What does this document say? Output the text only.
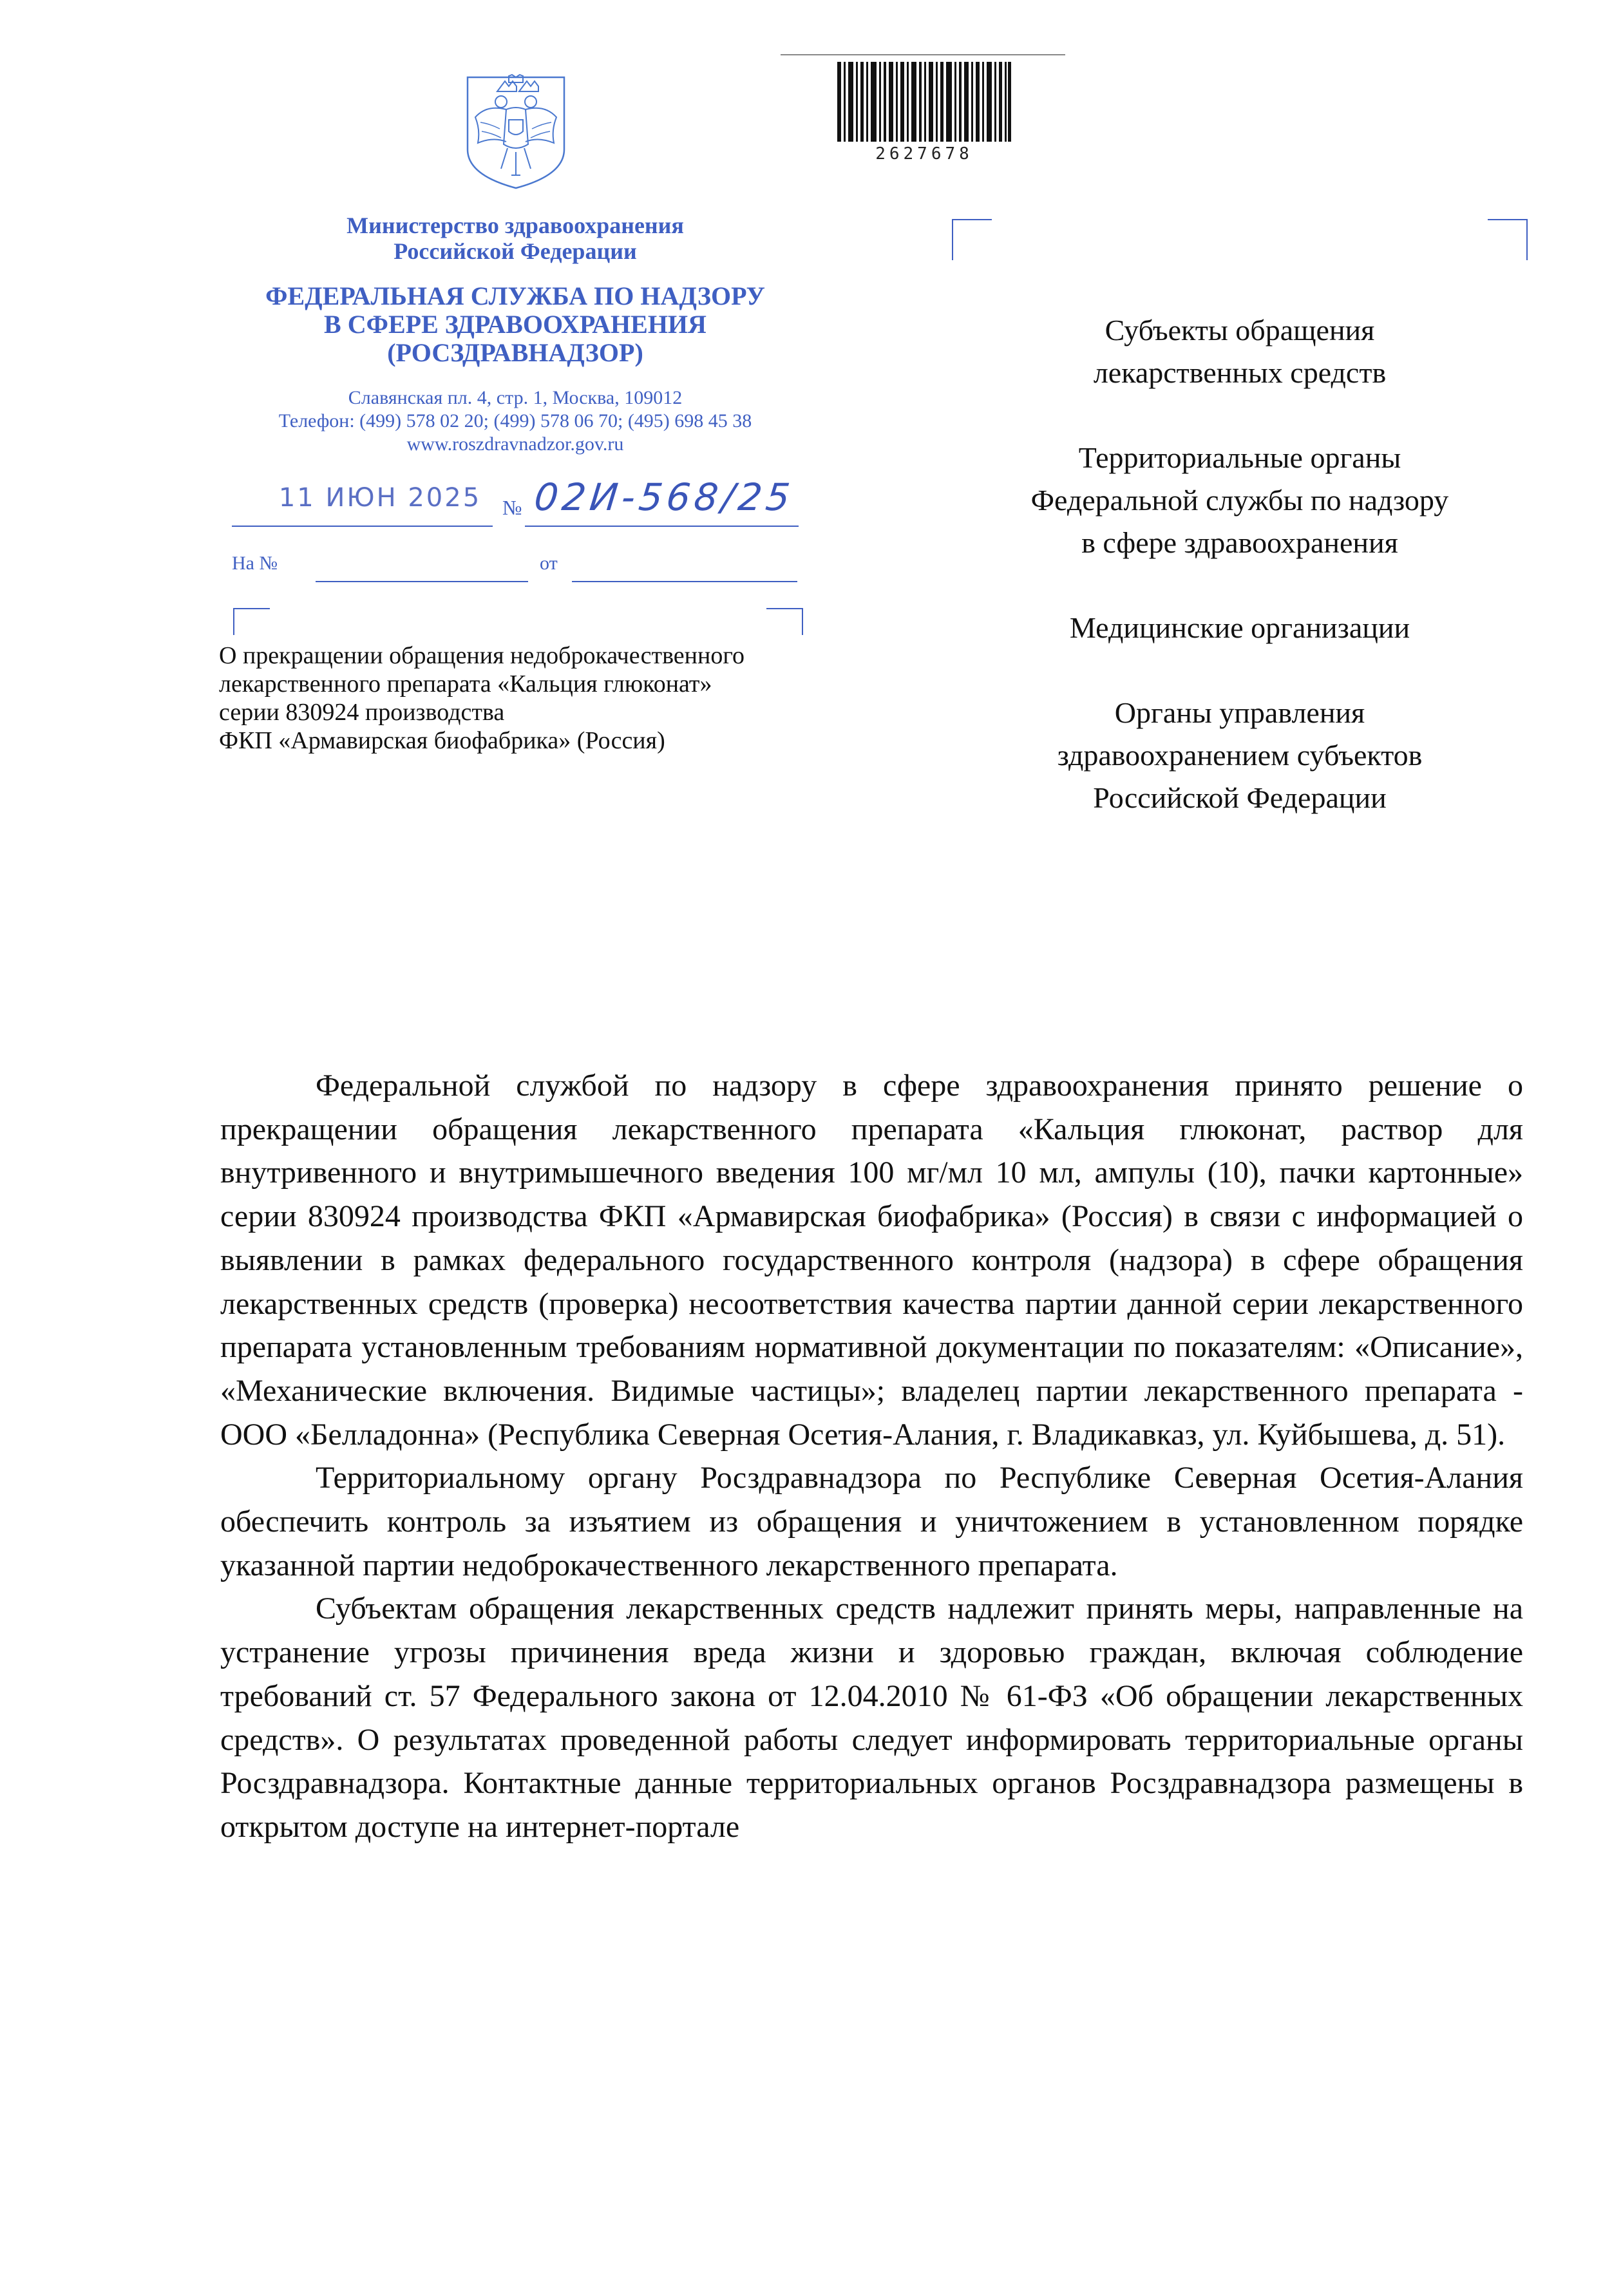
2627678
Министерство здравоохранения
Российской Федерации
ФЕДЕРАЛЬНАЯ СЛУЖБА ПО НАДЗОРУ
В СФЕРЕ ЗДРАВООХРАНЕНИЯ
(РОСЗДРАВНАДЗОР)
Славянская пл. 4, стр. 1, Москва, 109012
Телефон: (499) 578 02 20; (499) 578 06 70; (495) 698 45 38
www.roszdravnadzor.gov.ru
11 ИЮН 2025 № 02И-568/25
На №	от
О прекращении обращения недоброкачественного
лекарственного препарата «Кальция глюконат»
серии 830924 производства
ФКП «Армавирская биофабрика» (Россия)
Субъекты обращения
лекарственных средств
Территориальные органы
Федеральной службы по надзору
в сфере здравоохранения
Медицинские организации
Органы управления
здравоохранением субъектов
Российской Федерации

Федеральной службой по надзору в сфере здравоохранения принято решение о прекращении обращения лекарственного препарата «Кальция глюконат, раствор для внутривенного и внутримышечного введения 100 мг/мл 10 мл, ампулы (10), пачки картонные» серии 830924 производства ФКП «Армавирская биофабрика» (Россия) в связи с информацией о выявлении в рамках федерального государственного контроля (надзора) в сфере обращения лекарственных средств (проверка) несоответствия качества партии данной серии лекарственного препарата установленным требованиям нормативной документации по показателям: «Описание», «Механические включения. Видимые частицы»; владелец партии лекарственного препарата - ООО «Белладонна» (Республика Северная Осетия-Алания, г. Владикавказ, ул. Куйбышева, д. 51).

Территориальному органу Росздравнадзора по Республике Северная Осетия-Алания обеспечить контроль за изъятием из обращения и уничтожением в установленном порядке указанной партии недоброкачественного лекарственного препарата.

Субъектам обращения лекарственных средств надлежит принять меры, направленные на устранение угрозы причинения вреда жизни и здоровью граждан, включая соблюдение требований ст. 57 Федерального закона от 12.04.2010 № 61-ФЗ «Об обращении лекарственных средств». О результатах проведенной работы следует информировать территориальные органы Росздравнадзора. Контактные данные территориальных органов Росздравнадзора размещены в открытом доступе на интернет-портале
